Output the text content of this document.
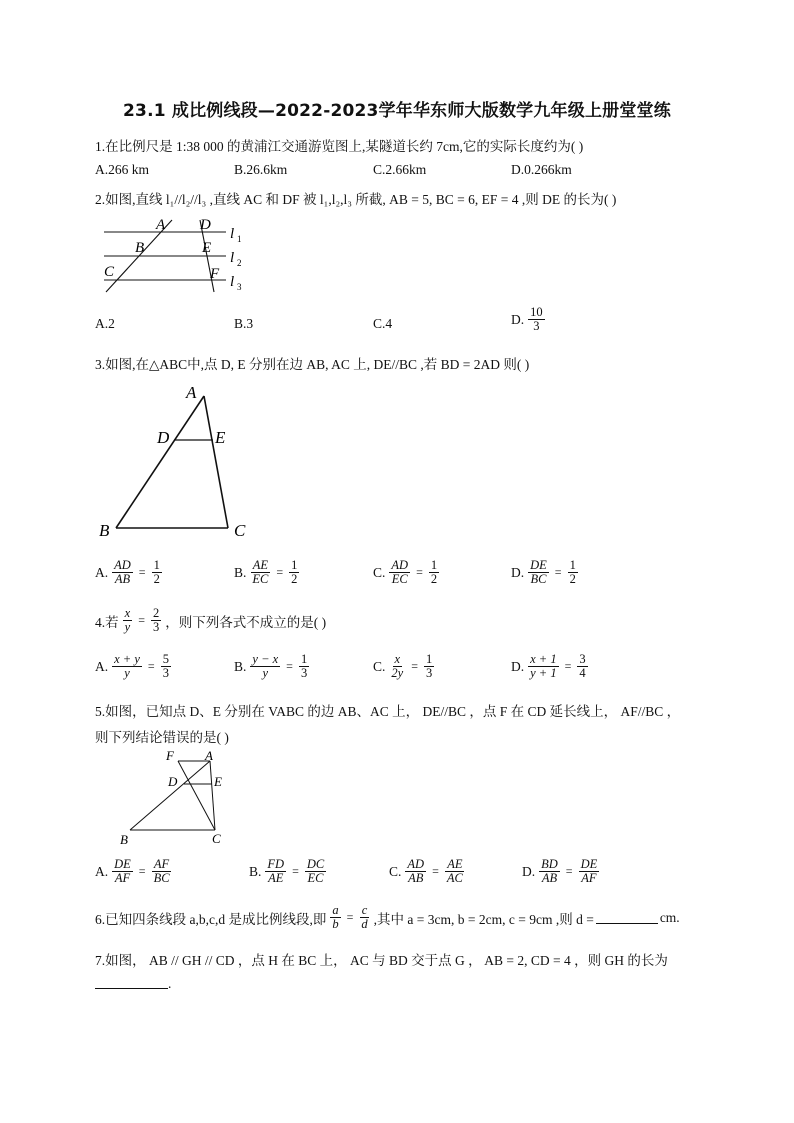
23.1 成比例线段—2022-2023学年华东师大版数学九年级上册堂堂练
1.在比例尺是 1:38 000 的黄浦江交通游览图上,某隧道长约 7cm,它的实际长度约为( )
A.266 km	B.26.6km	C.2.66km	D.0.266km
2.如图,直线 l₁//l₂//l₃ ,直线 AC 和 DF 被 l₁,l₂,l₃ 所截, AB = 5, BC = 6, EF = 4 ,则 DE 的长为( )
A
B
C
D
E
F
l 1
l 2
l 3
A.2	B.3	C.4	D. $\frac{10}{3}$
3.如图,在△ABC中,点 D, E 分别在边 AB, AC 上, DE//BC ,若 BD = 2AD 则( )
A
B	C
D	E
A. $\frac{AD}{AB} = \frac{1}{2}$	B. $\frac{AE}{EC} = \frac{1}{2}$	C. $\frac{AD}{EC} = \frac{1}{2}$	D. $\frac{DE}{BC} = \frac{1}{2}$
4.若 $\frac{x}{y} = \frac{2}{3}$ ，则下列各式不成立的是( )
A. $\frac{x + y}{y} = \frac{5}{3}$	B. $\frac{y - x}{y} = \frac{1}{3}$	C. $\frac{x}{2y} = \frac{1}{3}$	D. $\frac{x + 1}{y + 1} = \frac{3}{4}$
5.如图，已知点 D、E 分别在 VABC 的边 AB、AC 上， DE//BC ，点 F 在 CD 延长线上， AF//BC ，
则下列结论错误的是( )
F A
D	E
B	C
A. $\frac{DE}{AF} = \frac{AF}{BC}$	B. $\frac{FD}{AE} = \frac{DC}{EC}$	C. $\frac{AD}{AB} = \frac{AE}{AC}$	D. $\frac{BD}{AB} = \frac{DE}{AF}$
6.已知四条线段 a,b,c,d 是成比例线段,即 $\frac{a}{b} = \frac{c}{d}$ ,其中 a = 3cm, b = 2cm, c = 9cm ,则 d =	cm.
7.如图， AB // GH // CD ，点 H 在 BC 上， AC 与 BD 交于点 G ， AB = 2, CD = 4 ，则 GH 的长为
.
